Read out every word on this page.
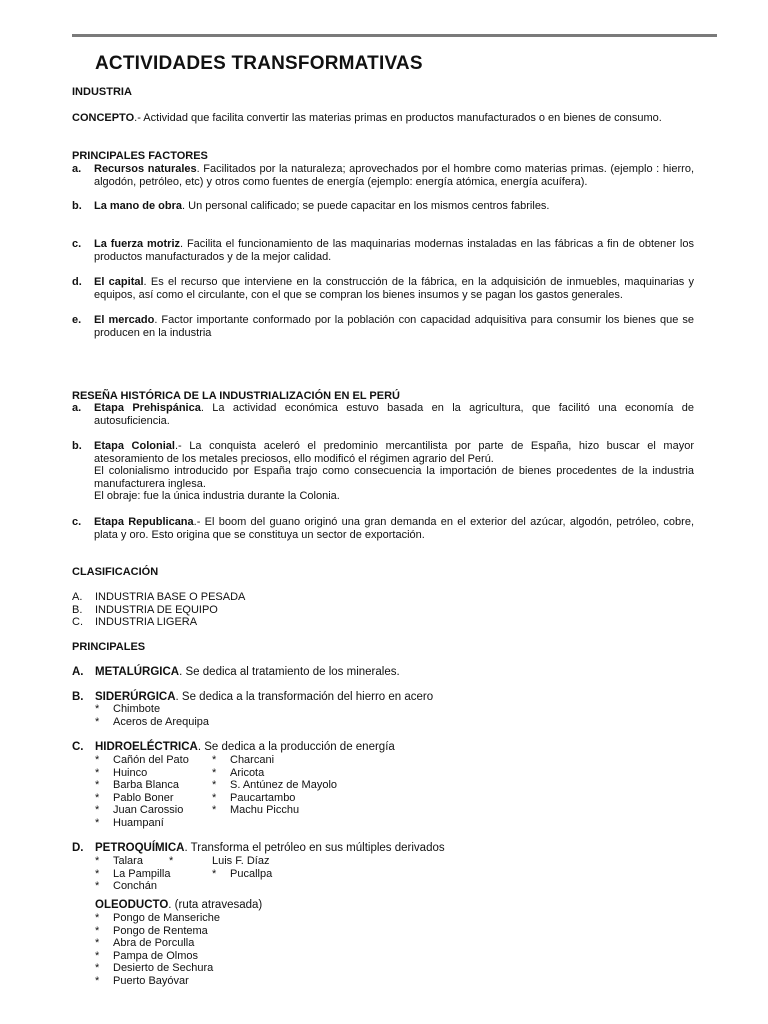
ACTIVIDADES TRANSFORMATIVAS
INDUSTRIA
CONCEPTO.- Actividad que facilita convertir las materias primas en productos manufacturados o en bienes de consumo.
PRINCIPALES FACTORES
a.	Recursos naturales. Facilitados por la naturaleza; aprovechados por el hombre como materias primas. (ejemplo : hierro, algodón, petróleo, etc) y otros como fuentes de energía (ejemplo: energía atómica, energía acuífera).
b.	La mano de obra. Un personal calificado; se puede capacitar en los mismos centros fabriles.
c.	La fuerza motriz. Facilita el funcionamiento de las maquinarias modernas instaladas en las fábricas a fin de obtener los productos manufacturados y de la mejor calidad.
d.	El capital. Es el recurso que interviene en la construcción de la fábrica, en la adquisición de inmuebles, maquinarias y equipos, así como el circulante, con el que se compran los bienes insumos y se pagan los gastos generales.
e.	El mercado. Factor importante conformado por la población con capacidad adquisitiva para consumir los bienes que se producen en la industria
RESEÑA HISTÓRICA DE LA INDUSTRIALIZACIÓN EN EL PERÚ
a.	Etapa Prehispánica. La actividad económica estuvo basada en la agricultura, que facilitó una economía de autosuficiencia.
b.	Etapa Colonial.- La conquista aceleró el predominio mercantilista por parte de España, hizo buscar el mayor atesoramiento de los metales preciosos, ello modificó el régimen agrario del Perú.
El colonialismo introducido por España trajo como consecuencia la importación de bienes procedentes de la industria manufacturera inglesa.
El obraje: fue la única industria durante la Colonia.
c.	Etapa Republicana.- El boom del guano originó una gran demanda en el exterior del azúcar, algodón, petróleo, cobre, plata y oro. Esto origina que se constituya un sector de exportación.
CLASIFICACIÓN
A.	INDUSTRIA BASE O PESADA
B.	INDUSTRIA DE EQUIPO
C.	INDUSTRIA LIGERA
PRINCIPALES
A.	METALÚRGICA. Se dedica al tratamiento de los minerales.
B.	SIDERÚRGICA. Se dedica a la transformación del hierro en acero
* Chimbote
* Aceros de Arequipa
C.	HIDROELÉCTRICA. Se dedica a la producción de energía
* Cañón del Pato	* Charcani
* Huinco	* Aricota
* Barba Blanca	* S. Antúnez de Mayolo
* Pablo Boner	* Paucartambo
* Juan Carossio	* Machu Picchu
* Huampaní
D.	PETROQUÍMICA. Transforma el petróleo en sus múltiples derivados
* Talara *	Luis F. Díaz
* La Pampilla	* Pucallpa
* Conchán
OLEODUCTO. (ruta atravesada)
* Pongo de Manseriche
* Pongo de Rentema
* Abra de Porculla
* Pampa de Olmos
* Desierto de Sechura
* Puerto Bayóvar
